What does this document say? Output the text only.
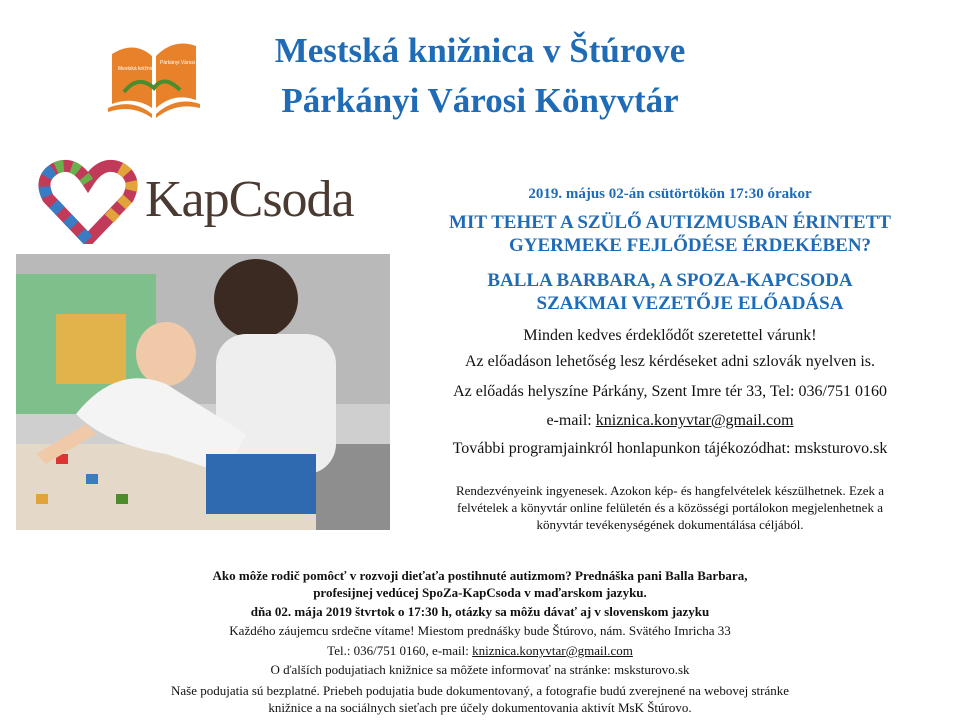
Mestská knižnica v Štúrove
Párkányi Városi Könyvtár
Mestská knižnica
Párkányi Városi
KapCsoda	2019. május 02-án csütörtökön 17:30 órakor
MIT TEHET A SZÜLŐ AUTIZMUSBAN ÉRINTETT
GYERMEKE FEJLŐDÉSE ÉRDEKÉBEN?
BALLA BARBARA, A SPOZA-KAPCSODA
SZAKMAI VEZETŐJE ELŐADÁSA
Minden kedves érdeklődőt szeretettel várunk!
Az előadáson lehetőség lesz kérdéseket adni szlovák nyelven is.
Az előadás helyszíne Párkány, Szent Imre tér 33, Tel: 036/751 0160
e-mail: kniznica.konyvtar@gmail.com
További programjainkról honlapunkon tájékozódhat: msksturovo.sk
Rendezvényeink ingyenesek. Azokon kép- és hangfelvételek készülhetnek. Ezek a
felvételek a könyvtár online felületén és a közösségi portálokon megjelenhetnek a
könyvtár tevékenységének dokumentálása céljából.
Ako môže rodič pomôcť v rozvoji dieťaťa postihnuté autizmom? Prednáška pani Balla Barbara,
profesijnej vedúcej SpoZa-KapCsoda v maďarskom jazyku.
dňa 02. mája 2019 štvrtok o 17:30 h, otázky sa môžu dávať aj v slovenskom jazyku
Každého záujemcu srdečne vítame! Miestom prednášky bude Štúrovo, nám. Svätého Imricha 33
Tel.: 036/751 0160, e-mail: kniznica.konyvtar@gmail.com
O ďalších podujatiach knižnice sa môžete informovať na stránke: msksturovo.sk
Naše podujatia sú bezplatné. Priebeh podujatia bude dokumentovaný, a fotografie budú zverejnené na webovej stránke
knižnice a na sociálnych sieťach pre účely dokumentovania aktivít MsK Štúrovo.
